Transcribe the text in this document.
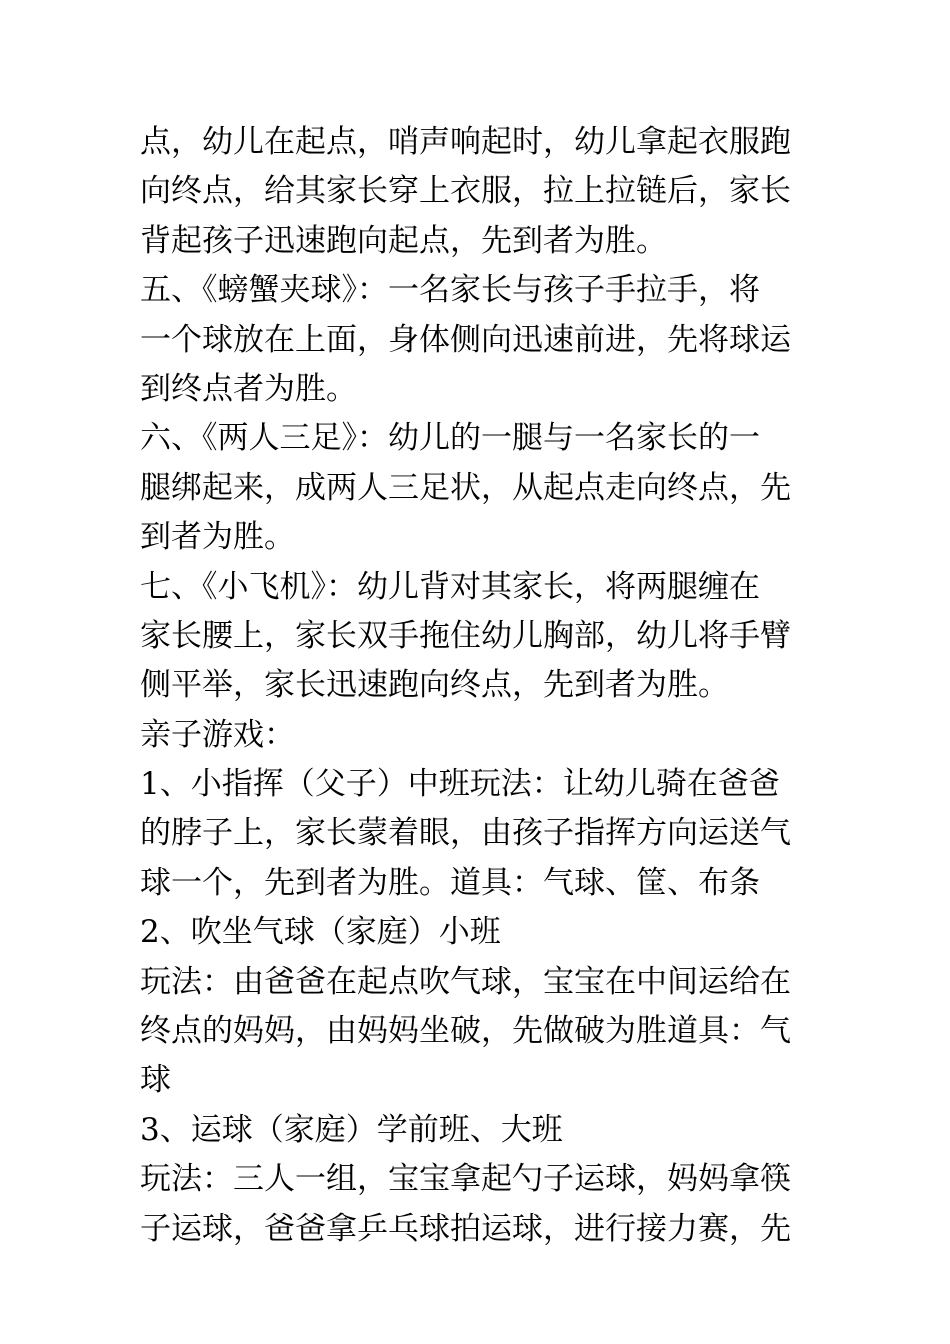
点，幼儿在起点，哨声响起时，幼儿拿起衣服跑
向终点，给其家长穿上衣服，拉上拉链后，家长
背起孩子迅速跑向起点，先到者为胜。
五、《螃蟹夹球》：一名家长与孩子手拉手，将
一个球放在上面，身体侧向迅速前进，先将球运
到终点者为胜。
六、《两人三足》：幼儿的一腿与一名家长的一
腿绑起来，成两人三足状，从起点走向终点，先
到者为胜。
七、《小飞机》：幼儿背对其家长，将两腿缠在
家长腰上，家长双手拖住幼儿胸部，幼儿将手臂
侧平举，家长迅速跑向终点，先到者为胜。
亲子游戏：
1、小指挥（父子）中班玩法：让幼儿骑在爸爸
的脖子上，家长蒙着眼，由孩子指挥方向运送气
球一个，先到者为胜。道具：气球、筐、布条
2、吹坐气球（家庭）小班
玩法：由爸爸在起点吹气球，宝宝在中间运给在
终点的妈妈，由妈妈坐破，先做破为胜道具：气
球
3、运球（家庭）学前班、大班
玩法：三人一组，宝宝拿起勺子运球，妈妈拿筷
子运球，爸爸拿乒乓球拍运球，进行接力赛，先
